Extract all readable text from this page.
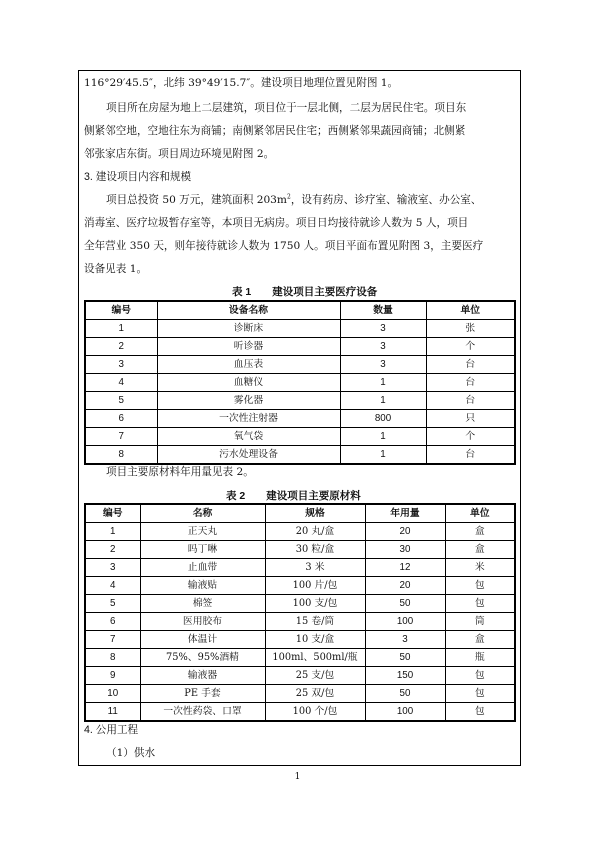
116°29′45.5″，北纬 39°49′15.7″。建设项目地理位置见附图 1。
项目所在房屋为地上二层建筑，项目位于一层北侧，二层为居民住宅。项目东
侧紧邻空地，空地往东为商铺；南侧紧邻居民住宅；西侧紧邻果蔬园商铺；北侧紧
邻张家店东街。项目周边环境见附图 2。
3. 建设项目内容和规模
项目总投资 50 万元，建筑面积 $203m^2$，设有药房、诊疗室、输液室、办公室、
消毒室、医疗垃圾暂存室等，本项目无病房。项目日均接待就诊人数为 5 人，项目
全年营业 350 天，则年接待就诊人数为 1750 人。项目平面布置见附图 3，主要医疗
设备见表 1。
表 1　　建设项目主要医疗设备
编号	设备名称	数量	单位
1	诊断床	3	张
2	听诊器	3	个
3	血压表	3	台
4	血糖仪	1	台
5	雾化器	1	台
6	一次性注射器	800	只
7	氧气袋	1	个
8	污水处理设备	1	台
项目主要原材料年用量见表 2。
表 2　　建设项目主要原材料
编号	名称	规格	年用量	单位
1	正天丸	20 丸/盒	20	盒
2	吗丁啉	30 粒/盒	30	盒
3	止血带	3 米	12	米
4	输液贴	100 片/包	20	包
5	棉签	100 支/包	50	包
6	医用胶布	15 卷/筒	100	筒
7	体温计	10 支/盒	3	盒
8	75%、95%酒精	100ml、500ml/瓶	50	瓶
9	输液器	25 支/包	150	包
10	PE 手套	25 双/包	50	包
11	一次性药袋、口罩	100 个/包	100	包
4. 公用工程
（1）供水
1
